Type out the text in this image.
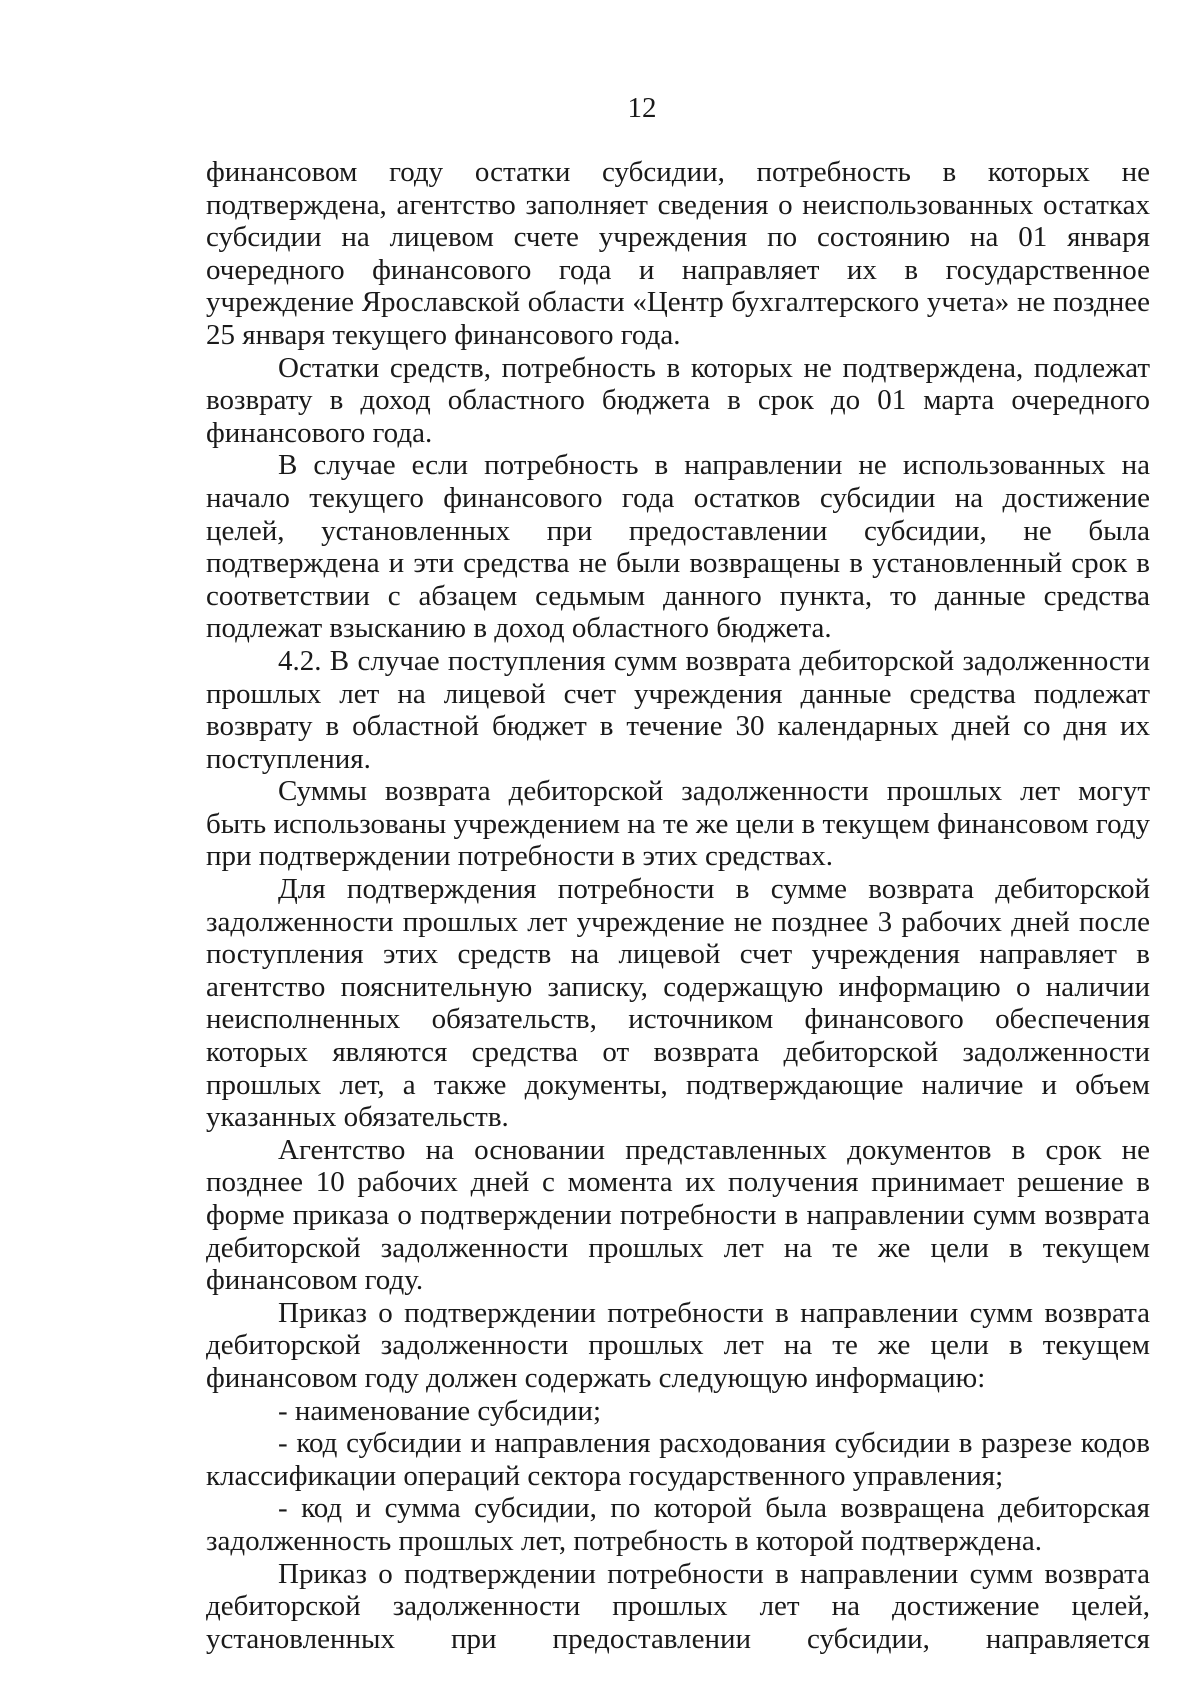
12

финансовом году остатки субсидии, потребность в которых не подтверждена, агентство заполняет сведения о неиспользованных остатках субсидии на лицевом счете учреждения по состоянию на 01 января очередного финансового года и направляет их в государственное учреждение Ярославской области «Центр бухгалтерского учета» не позднее 25 января текущего финансового года.

Остатки средств, потребность в которых не подтверждена, подлежат возврату в доход областного бюджета в срок до 01 марта очередного финансового года.

В случае если потребность в направлении не использованных на начало текущего финансового года остатков субсидии на достижение целей, установленных при предоставлении субсидии, не была подтверждена и эти средства не были возвращены в установленный срок в соответствии с абзацем седьмым данного пункта, то данные средства подлежат взысканию в доход областного бюджета.

4.2. В случае поступления сумм возврата дебиторской задолженности прошлых лет на лицевой счет учреждения данные средства подлежат возврату в областной бюджет в течение 30 календарных дней со дня их поступления.

Суммы возврата дебиторской задолженности прошлых лет могут быть использованы учреждением на те же цели в текущем финансовом году при подтверждении потребности в этих средствах.

Для подтверждения потребности в сумме возврата дебиторской задолженности прошлых лет учреждение не позднее 3 рабочих дней после поступления этих средств на лицевой счет учреждения направляет в агентство пояснительную записку, содержащую информацию о наличии неисполненных обязательств, источником финансового обеспечения которых являются средства от возврата дебиторской задолженности прошлых лет, а также документы, подтверждающие наличие и объем указанных обязательств.

Агентство на основании представленных документов в срок не позднее 10 рабочих дней с момента их получения принимает решение в форме приказа о подтверждении потребности в направлении сумм возврата дебиторской задолженности прошлых лет на те же цели в текущем финансовом году.

Приказ о подтверждении потребности в направлении сумм возврата дебиторской задолженности прошлых лет на те же цели в текущем финансовом году должен содержать следующую информацию:

- наименование субсидии;

- код субсидии и направления расходования субсидии в разрезе кодов классификации операций сектора государственного управления;

- код и сумма субсидии, по которой была возвращена дебиторская задолженность прошлых лет, потребность в которой подтверждена.

Приказ о подтверждении потребности в направлении сумм возврата дебиторской задолженности прошлых лет на достижение целей, установленных при предоставлении субсидии, направляется
